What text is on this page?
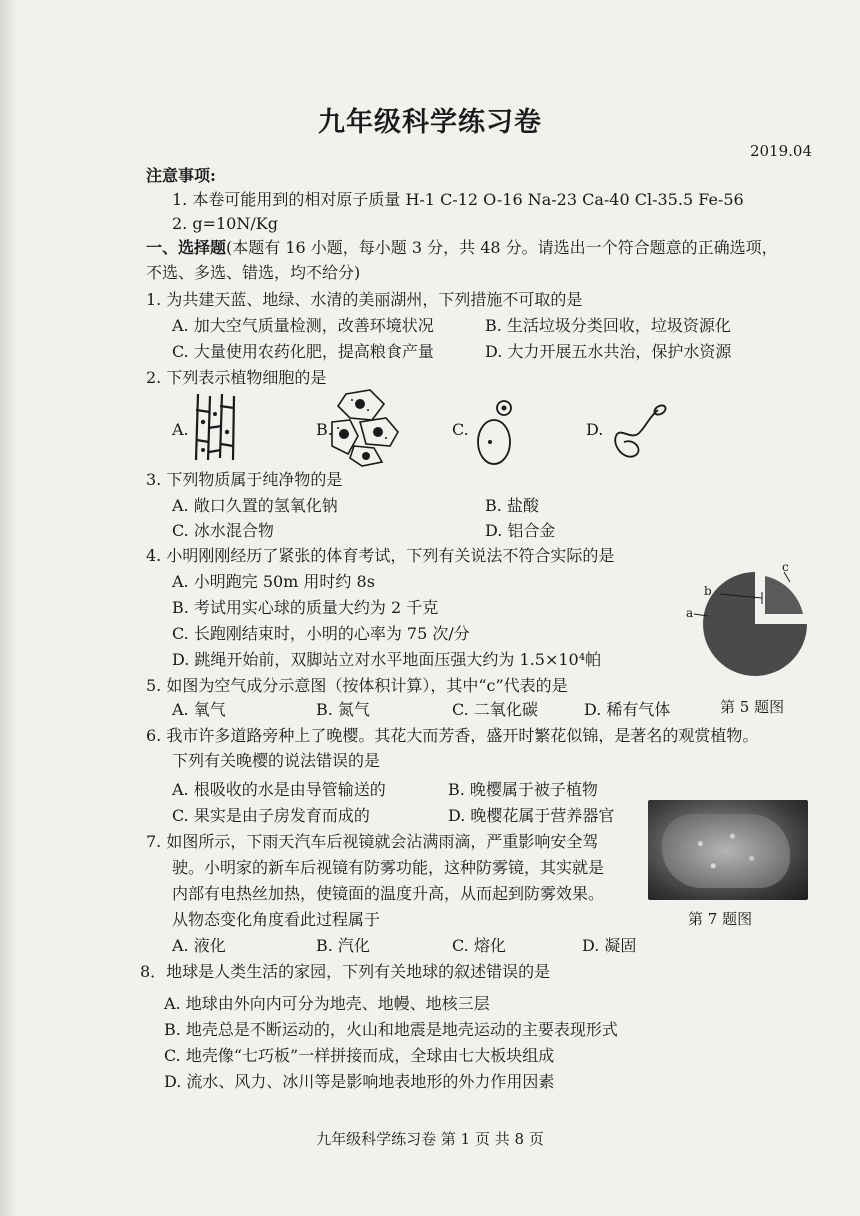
九年级科学练习卷
2019.04
注意事项:
1. 本卷可能用到的相对原子质量 H-1 C-12 O-16 Na-23 Ca-40 Cl-35.5 Fe-56
2. g=10N/Kg
一、选择题(本题有 16 小题，每小题 3 分，共 48 分。请选出一个符合题意的正确选项，
不选、多选、错选，均不给分)
1. 为共建天蓝、地绿、水清的美丽湖州，下列措施不可取的是
A. 加大空气质量检测，改善环境状况	B. 生活垃圾分类回收，垃圾资源化
C. 大量使用农药化肥，提高粮食产量	D. 大力开展五水共治，保护水资源
2. 下列表示植物细胞的是
A.	B.	C.	D.
3. 下列物质属于纯净物的是
A. 敞口久置的氢氧化钠	B. 盐酸
C. 冰水混合物	D. 铝合金
4. 小明刚刚经历了紧张的体育考试，下列有关说法不符合实际的是
A. 小明跑完 50m 用时约 8s
B. 考试用实心球的质量大约为 2 千克
C. 长跑刚结束时，小明的心率为 75 次/分
D. 跳绳开始前，双脚站立对水平地面压强大约为 1.5×10⁴帕
a
b
c
5. 如图为空气成分示意图（按体积计算），其中“c”代表的是
A. 氧气	B. 氮气	C. 二氧化碳	D. 稀有气体	第 5 题图
6. 我市许多道路旁种上了晚樱。其花大而芳香，盛开时繁花似锦，是著名的观赏植物。
下列有关晚樱的说法错误的是
A. 根吸收的水是由导管输送的	B. 晚樱属于被子植物
C. 果实是由子房发育而成的	D. 晚樱花属于营养器官
7. 如图所示，下雨天汽车后视镜就会沾满雨滴，严重影响安全驾
驶。小明家的新车后视镜有防雾功能，这种防雾镜，其实就是
内部有电热丝加热，使镜面的温度升高，从而起到防雾效果。
从物态变化角度看此过程属于	第 7 题图
A. 液化	B. 汽化	C. 熔化	D. 凝固
8．地球是人类生活的家园，下列有关地球的叙述错误的是
A. 地球由外向内可分为地壳、地幔、地核三层
B. 地壳总是不断运动的，火山和地震是地壳运动的主要表现形式
C. 地壳像“七巧板”一样拼接而成，全球由七大板块组成
D. 流水、风力、冰川等是影响地表地形的外力作用因素
九年级科学练习卷 第 1 页 共 8 页
